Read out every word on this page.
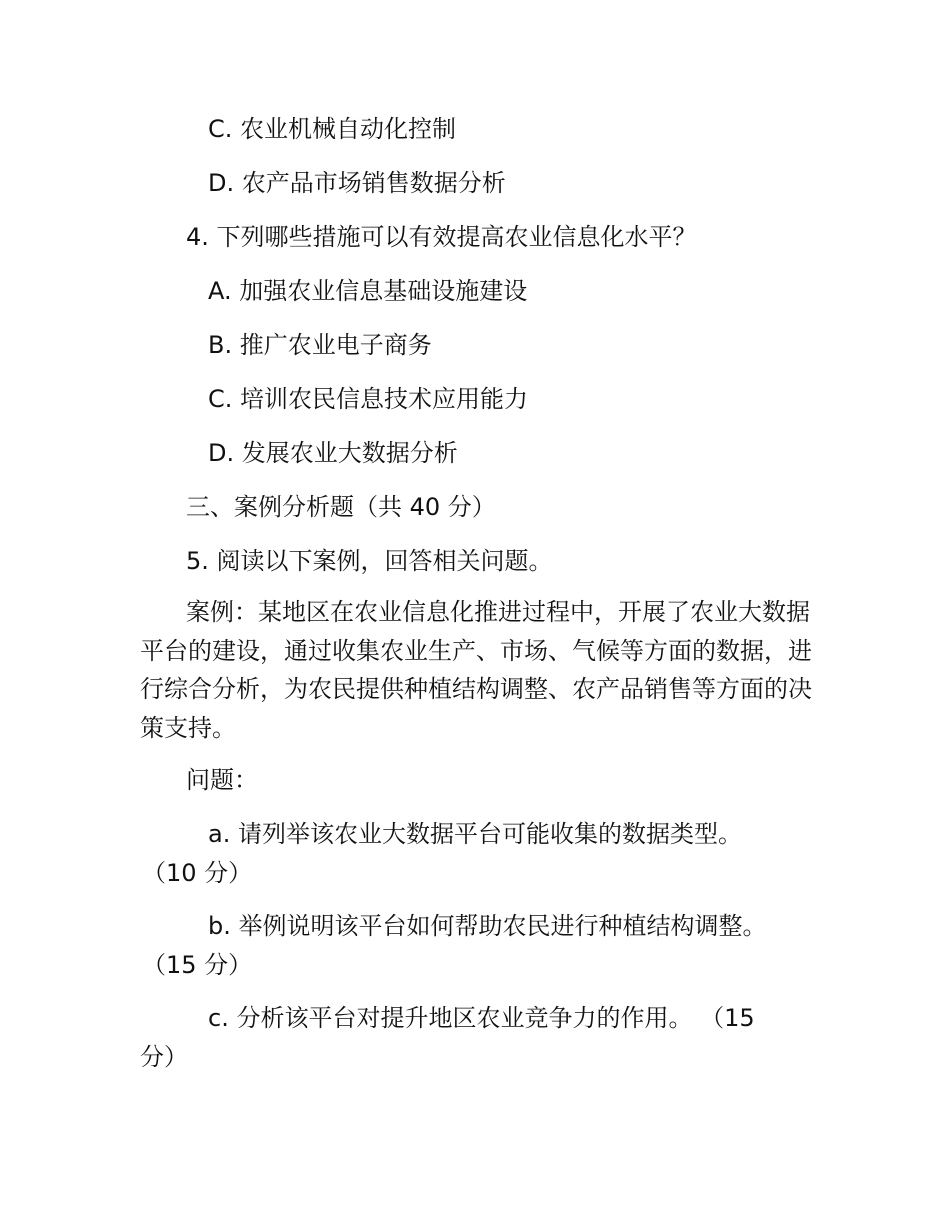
C. 农业机械自动化控制
D. 农产品市场销售数据分析
4. 下列哪些措施可以有效提高农业信息化水平？
A. 加强农业信息基础设施建设
B. 推广农业电子商务
C. 培训农民信息技术应用能力
D. 发展农业大数据分析
三、案例分析题（共 40 分）
5. 阅读以下案例，回答相关问题。
案例：某地区在农业信息化推进过程中，开展了农业大数据平台的建设，通过收集农业生产、市场、气候等方面的数据，进行综合分析，为农民提供种植结构调整、农产品销售等方面的决策支持。
问题：
a. 请列举该农业大数据平台可能收集的数据类型。
（10 分）
b. 举例说明该平台如何帮助农民进行种植结构调整。
（15 分）
c. 分析该平台对提升地区农业竞争力的作用。 （15
分）
